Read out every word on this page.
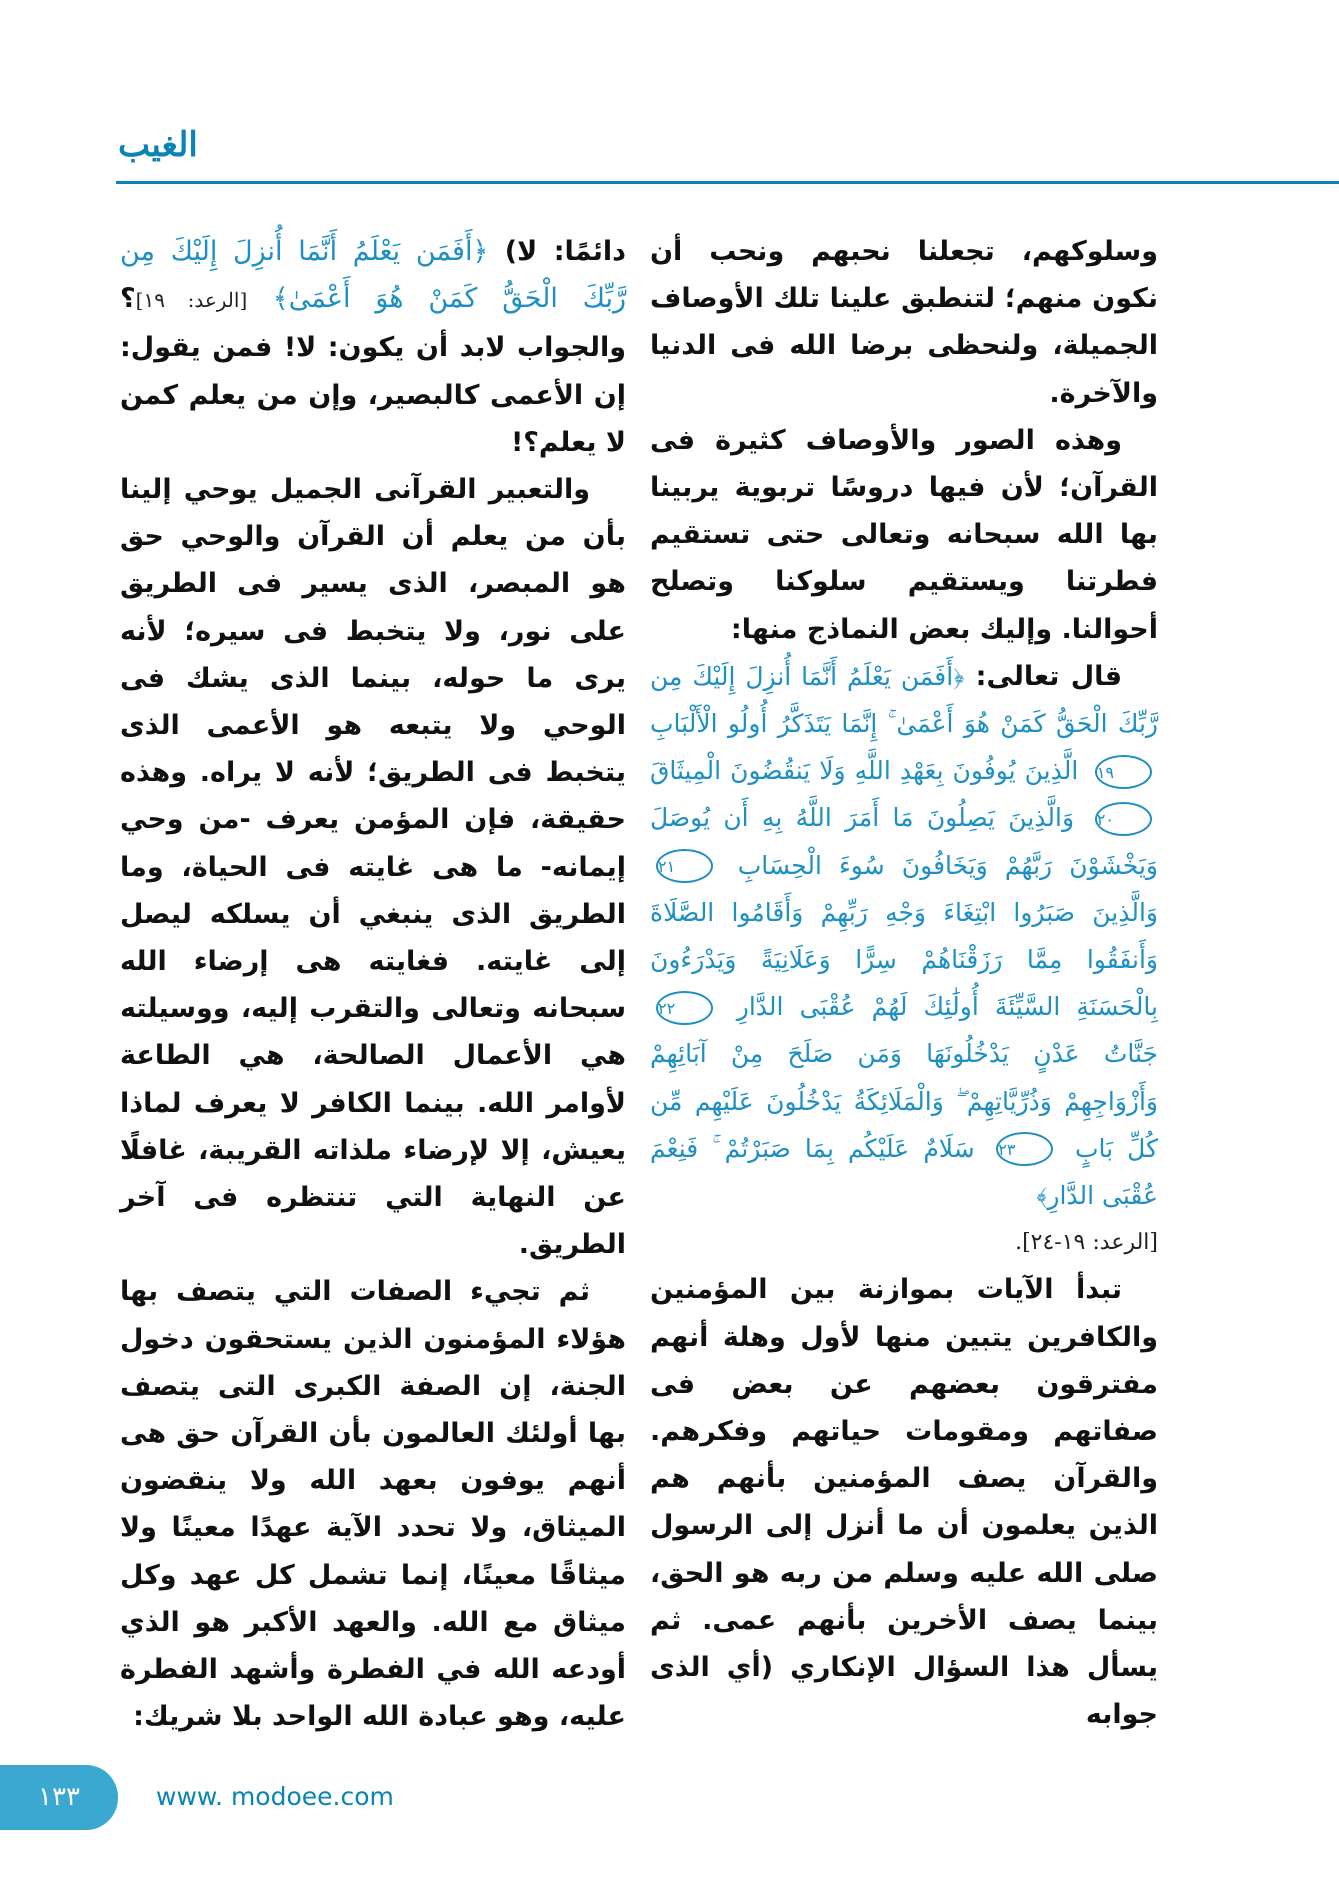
الغيب

وسلوكهم، تجعلنا نحبهم ونحب أن نكون منهم؛ لتنطبق علينا تلك الأوصاف الجميلة، ولنحظى برضا الله فى الدنيا والآخرة.

وهذه الصور والأوصاف كثيرة فى القرآن؛ لأن فيها دروسًا تربوية يربينا بها الله سبحانه وتعالى حتى تستقيم فطرتنا ويستقيم سلوكنا وتصلح أحوالنا. وإليك بعض النماذج منها:

قال تعالى: ﴿أَفَمَن يَعْلَمُ أَنَّمَا أُنزِلَ إِلَيْكَ مِن رَّبِّكَ الْحَقُّ كَمَنْ هُوَ أَعْمَىٰ ۚ إِنَّمَا يَتَذَكَّرُ أُولُو الْأَلْبَابِ ١٩ الَّذِينَ يُوفُونَ بِعَهْدِ اللَّهِ وَلَا يَنقُضُونَ الْمِيثَاقَ ٢٠ وَالَّذِينَ يَصِلُونَ مَا أَمَرَ اللَّهُ بِهِ أَن يُوصَلَ وَيَخْشَوْنَ رَبَّهُمْ وَيَخَافُونَ سُوءَ الْحِسَابِ ٢١ وَالَّذِينَ صَبَرُوا ابْتِغَاءَ وَجْهِ رَبِّهِمْ وَأَقَامُوا الصَّلَاةَ وَأَنفَقُوا مِمَّا رَزَقْنَاهُمْ سِرًّا وَعَلَانِيَةً وَيَدْرَءُونَ بِالْحَسَنَةِ السَّيِّئَةَ أُولَٰئِكَ لَهُمْ عُقْبَى الدَّارِ ٢٢ جَنَّاتُ عَدْنٍ يَدْخُلُونَهَا وَمَن صَلَحَ مِنْ آبَائِهِمْ وَأَزْوَاجِهِمْ وَذُرِّيَّاتِهِمْ ۖ وَالْمَلَائِكَةُ يَدْخُلُونَ عَلَيْهِم مِّن كُلِّ بَابٍ ٢٣ سَلَامٌ عَلَيْكُم بِمَا صَبَرْتُمْ ۚ فَنِعْمَ عُقْبَى الدَّارِ﴾

[الرعد: ١٩-٢٤].

تبدأ الآيات بموازنة بين المؤمنين والكافرين يتبين منها لأول وهلة أنهم مفترقون بعضهم عن بعض فى صفاتهم ومقومات حياتهم وفكرهم. والقرآن يصف المؤمنين بأنهم هم الذين يعلمون أن ما أنزل إلى الرسول صلى الله عليه وسلم من ربه هو الحق، بينما يصف الأخرين بأنهم عمى. ثم يسأل هذا السؤال الإنكاري (أي الذى جوابه

دائمًا: لا) ﴿أَفَمَن يَعْلَمُ أَنَّمَا أُنزِلَ إِلَيْكَ مِن رَّبِّكَ الْحَقُّ كَمَنْ هُوَ أَعْمَىٰ﴾ [الرعد: ١٩]؟ والجواب لابد أن يكون: لا! فمن يقول: إن الأعمى كالبصير، وإن من يعلم كمن لا يعلم؟!

والتعبير القرآنى الجميل يوحي إلينا بأن من يعلم أن القرآن والوحي حق هو المبصر، الذى يسير فى الطريق على نور، ولا يتخبط فى سيره؛ لأنه يرى ما حوله، بينما الذى يشك فى الوحي ولا يتبعه هو الأعمى الذى يتخبط فى الطريق؛ لأنه لا يراه. وهذه حقيقة، فإن المؤمن يعرف -من وحي إيمانه- ما هى غايته فى الحياة، وما الطريق الذى ينبغي أن يسلكه ليصل إلى غايته. فغايته هى إرضاء الله سبحانه وتعالى والتقرب إليه، ووسيلته هي الأعمال الصالحة، هي الطاعة لأوامر الله. بينما الكافر لا يعرف لماذا يعيش، إلا لإرضاء ملذاته القريبة، غافلًا عن النهاية التي تنتظره فى آخر الطريق.

ثم تجيء الصفات التي يتصف بها هؤلاء المؤمنون الذين يستحقون دخول الجنة، إن الصفة الكبرى التى يتصف بها أولئك العالمون بأن القرآن حق هى أنهم يوفون بعهد الله ولا ينقضون الميثاق، ولا تحدد الآية عهدًا معينًا ولا ميثاقًا معينًا، إنما تشمل كل عهد وكل ميثاق مع الله. والعهد الأكبر هو الذي أودعه الله في الفطرة وأشهد الفطرة عليه، وهو عبادة الله الواحد بلا شريك:

١٣٣	www. modoee.com
